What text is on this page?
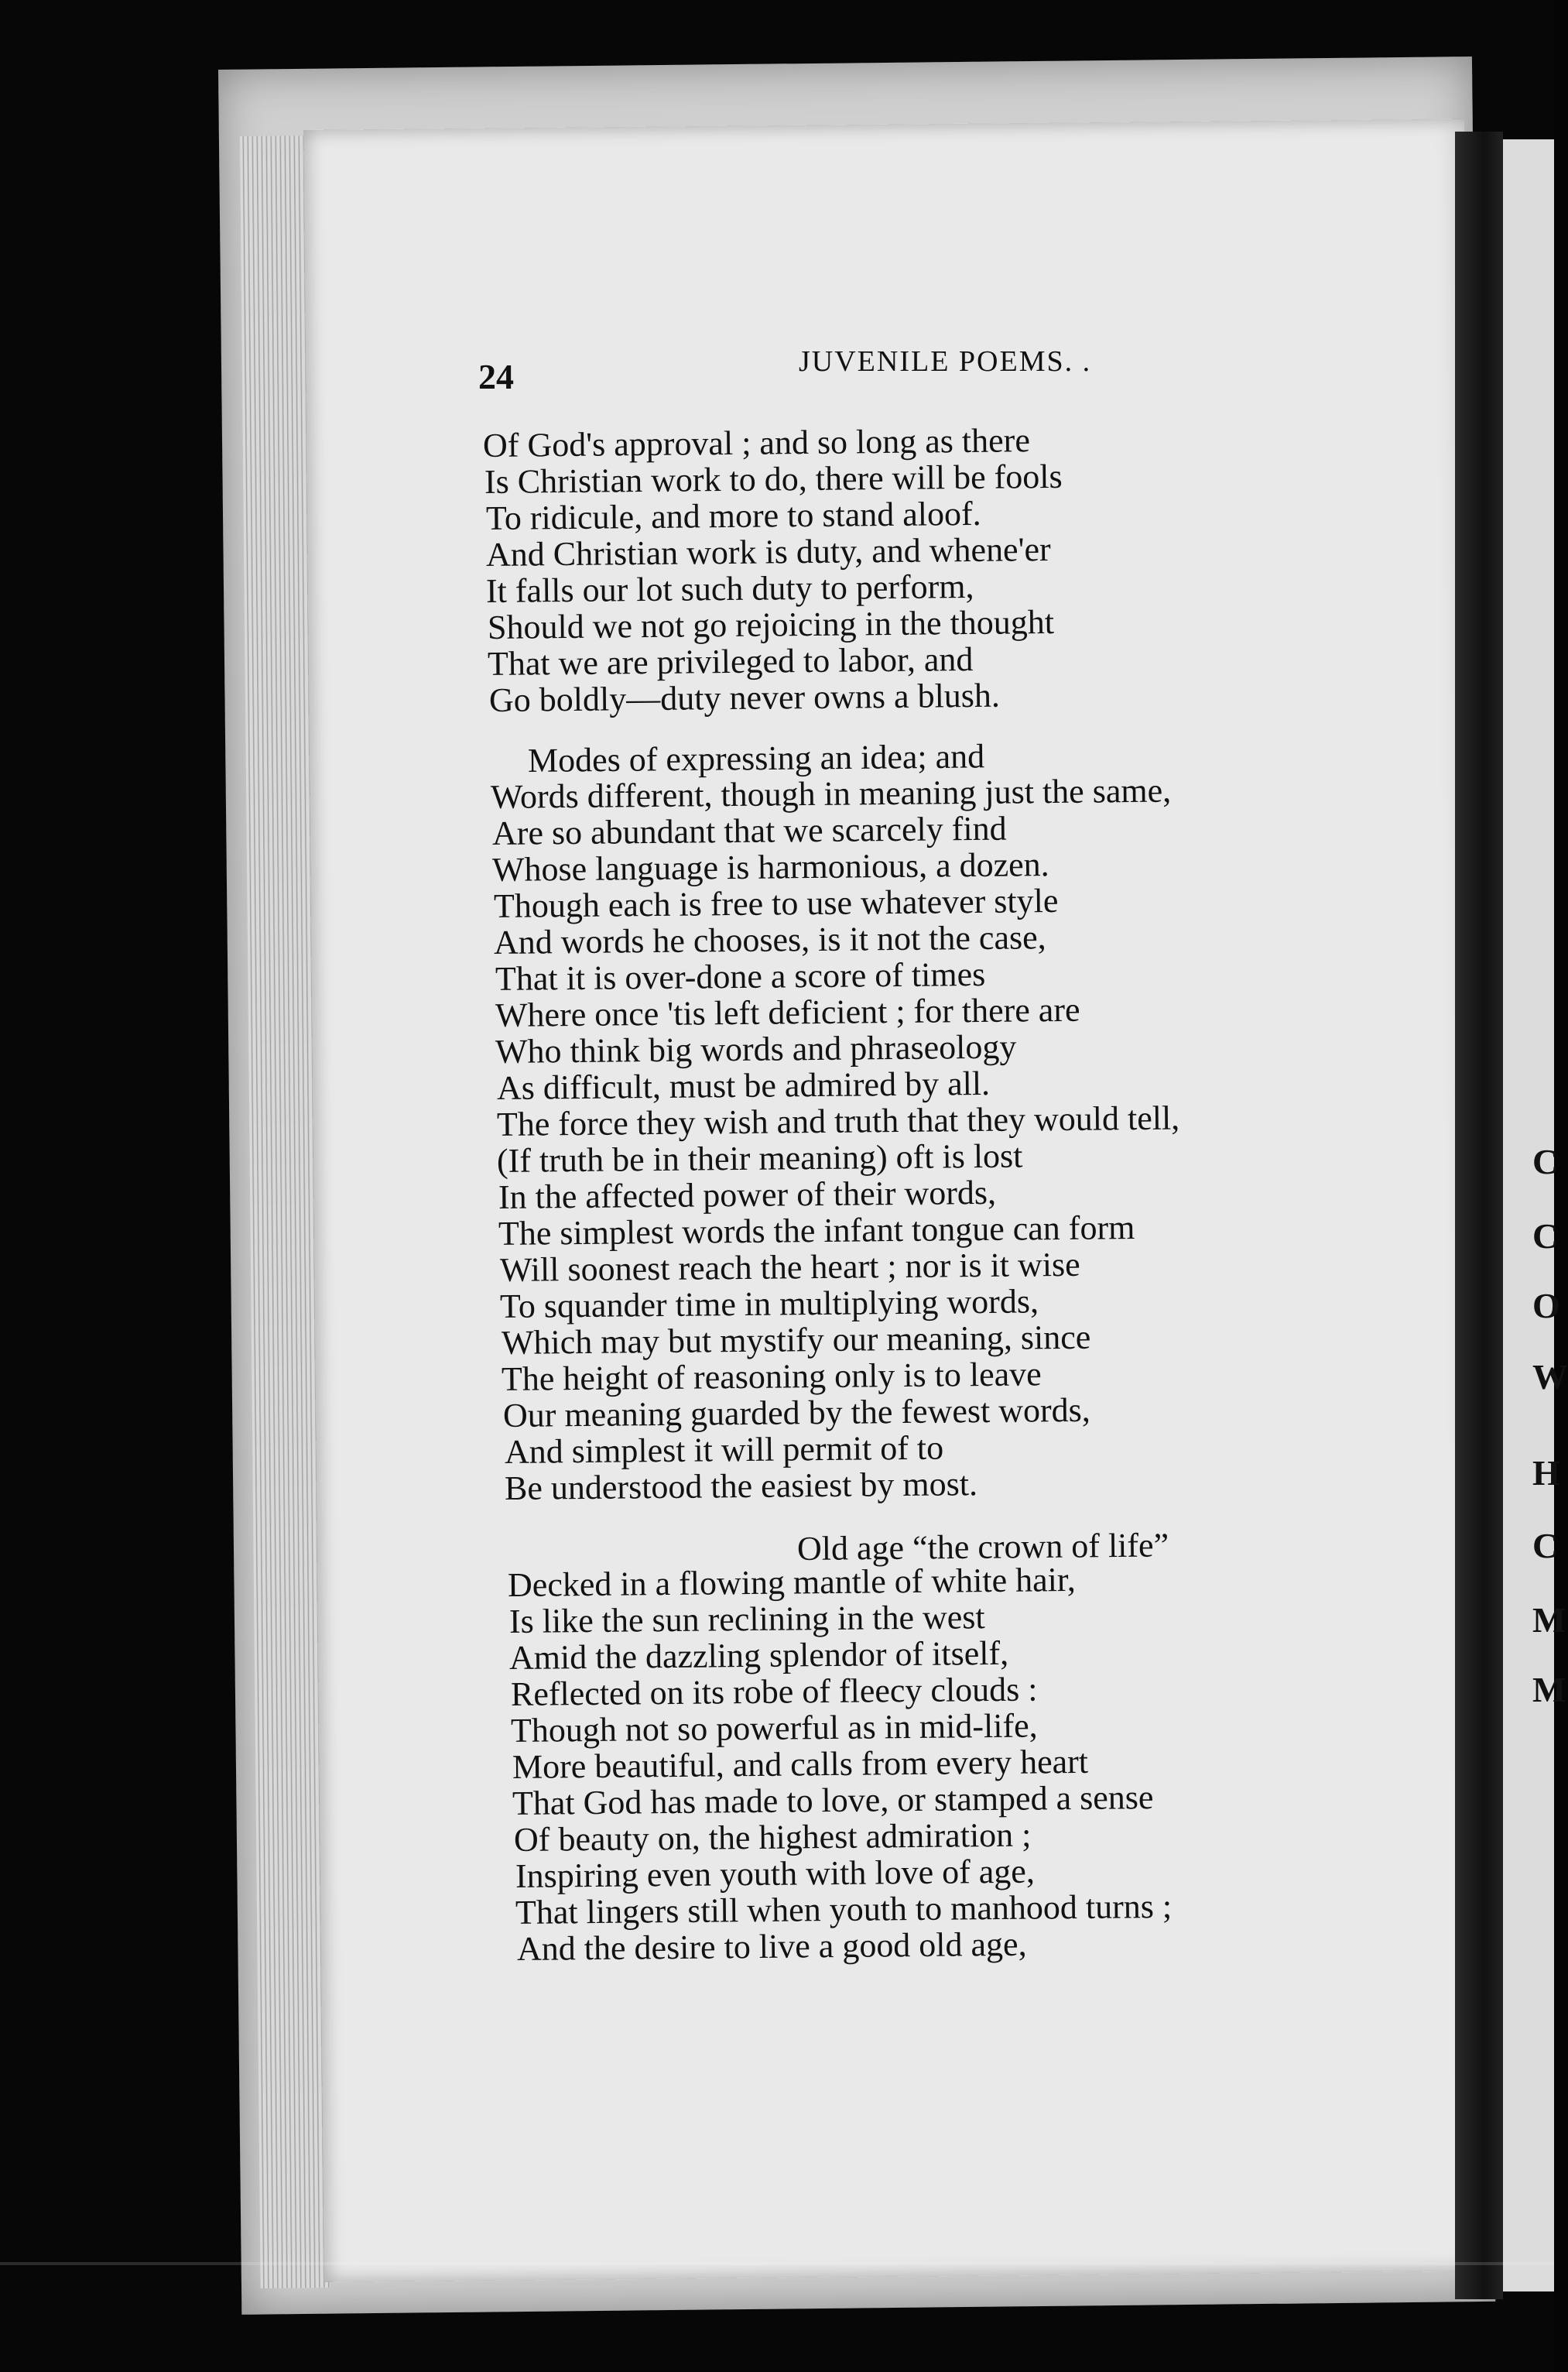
24	JUVENILE POEMS. .
Of God's approval ; and so long as there
Is Christian work to do, there will be fools
To ridicule, and more to stand aloof.
And Christian work is duty, and whene'er
It falls our lot such duty to perform,
Should we not go rejoicing in the thought
That we are privileged to labor, and
Go boldly—duty never owns a blush.
Modes of expressing an idea; and
Words different, though in meaning just the same,
Are so abundant that we scarcely find
Whose language is harmonious, a dozen.
Though each is free to use whatever style
And words he chooses, is it not the case,
That it is over-done a score of times
Where once 'tis left deficient ; for there are
Who think big words and phraseology
As difficult, must be admired by all.
The force they wish and truth that they would tell,
(If truth be in their meaning) oft is lost
In the affected power of their words,
The simplest words the infant tongue can form
Will soonest reach the heart ; nor is it wise
To squander time in multiplying words,
Which may but mystify our meaning, since
The height of reasoning only is to leave
Our meaning guarded by the fewest words,
And simplest it will permit of to
Be understood the easiest by most.
Old age “the crown of life”
Decked in a flowing mantle of white hair,
Is like the sun reclining in the west
Amid the dazzling splendor of itself,
Reflected on its robe of fleecy clouds :
Though not so powerful as in mid-life,
More beautiful, and calls from every heart
That God has made to love, or stamped a sense
Of beauty on, the highest admiration ;
Inspiring even youth with love of age,
That lingers still when youth to manhood turns ;
And the desire to live a good old age,
C
C
O
W
H
C
M
M
